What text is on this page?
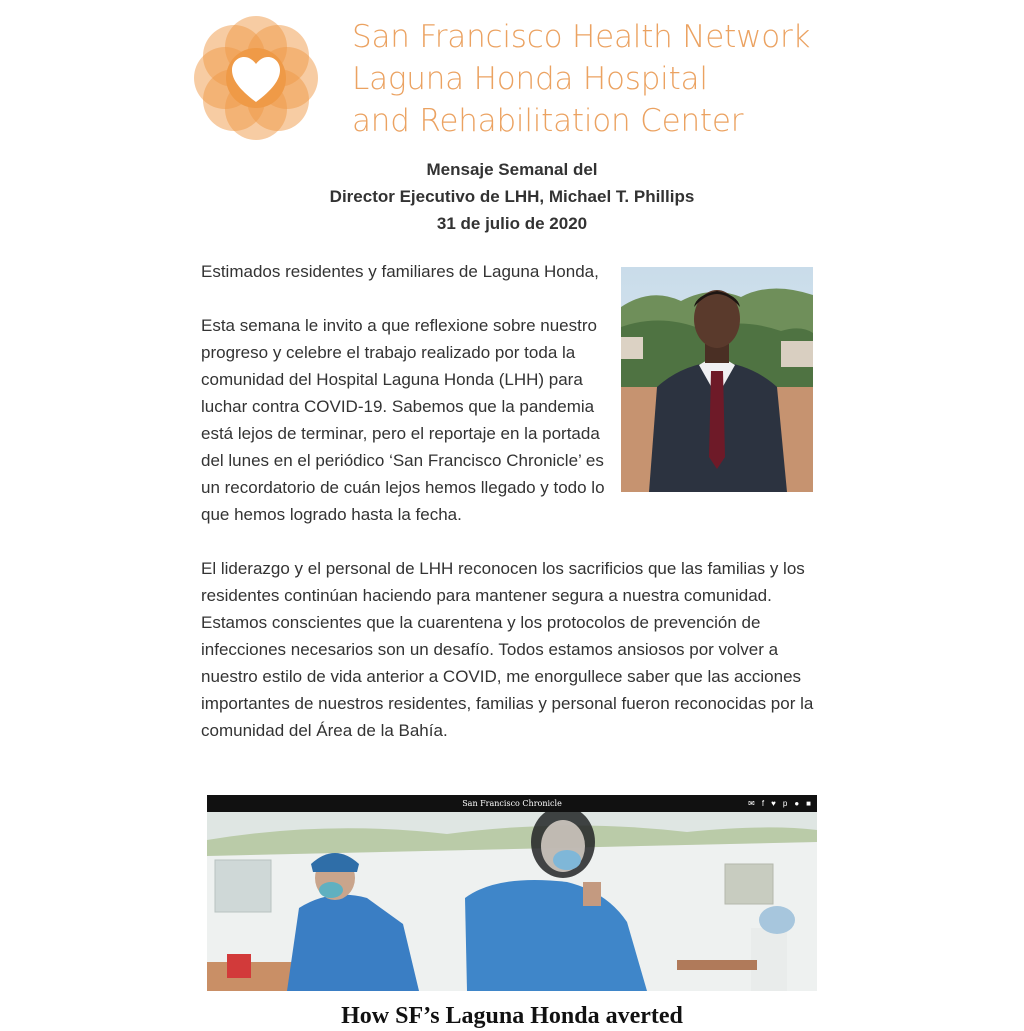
San Francisco Health Network
Laguna Honda Hospital
and Rehabilitation Center
Mensaje Semanal del
Director Ejecutivo de LHH, Michael T. Phillips
31 de julio de 2020

Estimados residentes y familiares de Laguna Honda,

Esta semana le invito a que reflexione sobre nuestro progreso y celebre el trabajo realizado por toda la comunidad del Hospital Laguna Honda (LHH) para luchar contra COVID-19. Sabemos que la pandemia está lejos de terminar, pero el reportaje en la portada del lunes en el periódico ‘San Francisco Chronicle’ es un recordatorio de cuán lejos hemos llegado y todo lo que hemos logrado hasta la fecha.

El liderazgo y el personal de LHH reconocen los sacrificios que las familias y los residentes continúan haciendo para mantener segura a nuestra comunidad. Estamos conscientes que la cuarentena y los protocolos de prevención de infecciones necesarios son un desafío. Todos estamos ansiosos por volver a nuestro estilo de vida anterior a COVID, me enorgullece saber que las acciones importantes de nuestros residentes, familias y personal fueron reconocidas por la comunidad del Área de la Bahía.

San Francisco Chronicle	✉ f ♥ p ● ■
How SF’s Laguna Honda averted
